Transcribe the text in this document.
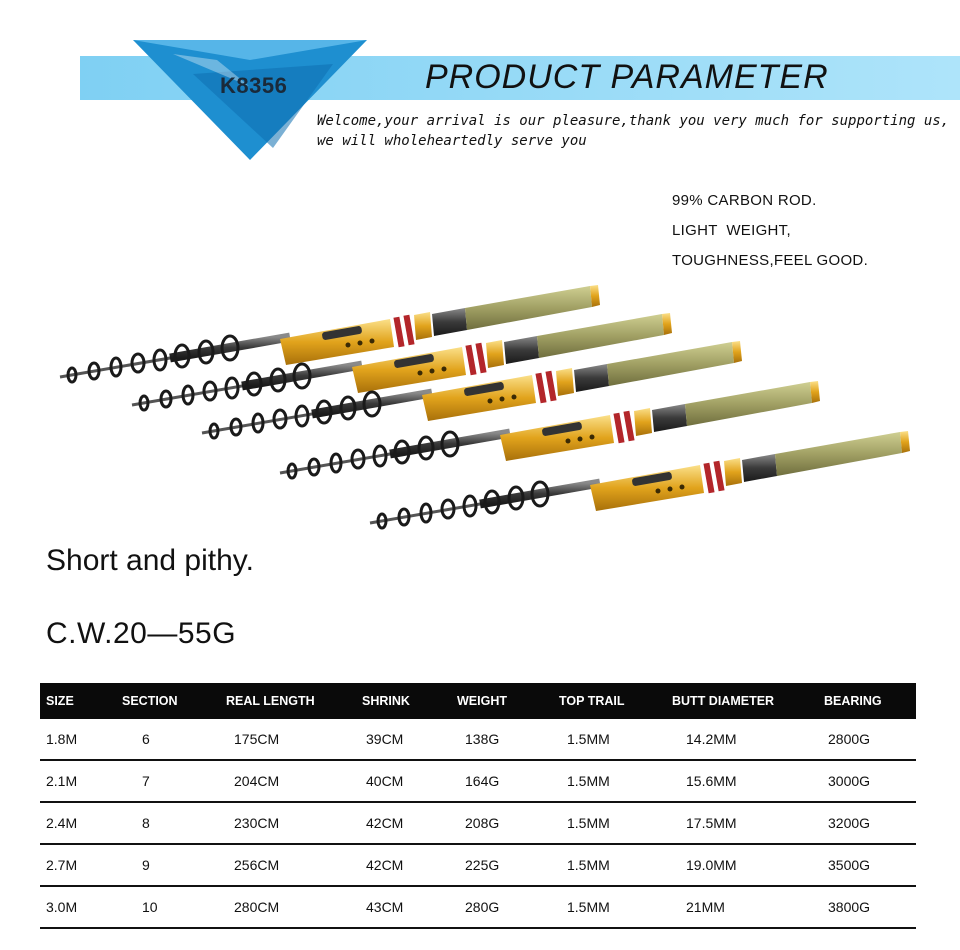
K8356	PRODUCT PARAMETER
Welcome,your arrival is our pleasure,thank you very much for supporting us,
we will wholeheartedly serve you
99% CARBON ROD.
LIGHT  WEIGHT,
TOUGHNESS,FEEL GOOD.
Short and pithy.
C.W.20—55G
SIZE	SECTION	REAL LENGTH	SHRINK	WEIGHT	TOP TRAIL	BUTT DIAMETER	BEARING
1.8M	6	175CM	39CM	138G	1.5MM	14.2MM	2800G
2.1M	7	204CM	40CM	164G	1.5MM	15.6MM	3000G
2.4M	8	230CM	42CM	208G	1.5MM	17.5MM	3200G
2.7M	9	256CM	42CM	225G	1.5MM	19.0MM	3500G
3.0M	10	280CM	43CM	280G	1.5MM	21MM	3800G
